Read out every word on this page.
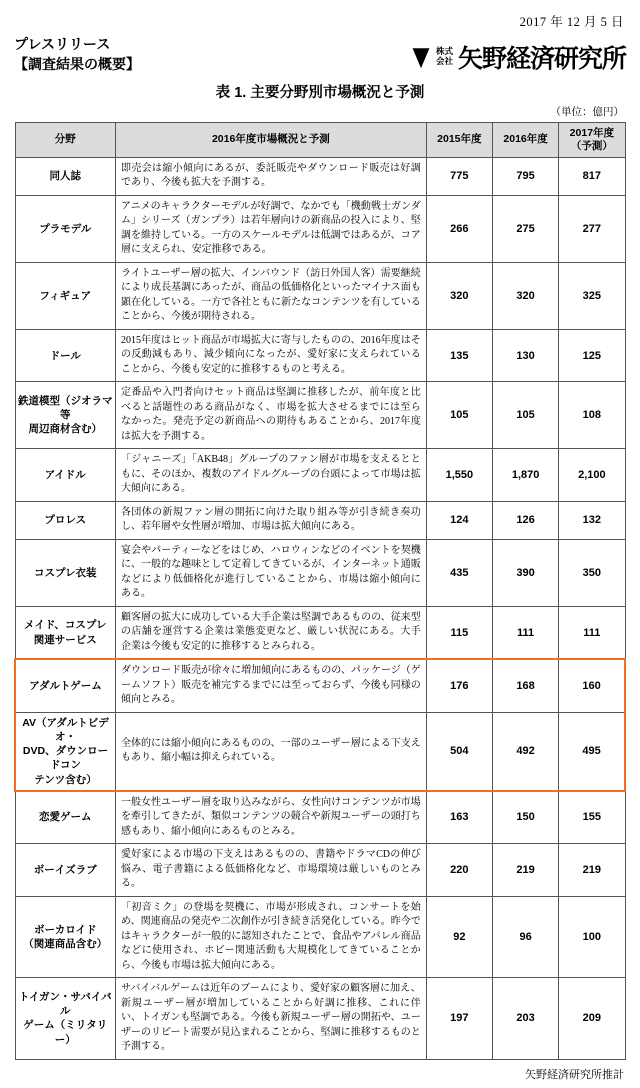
2017 年 12 月 5 日
プレスリリース
【調査結果の概要】	▼ 株式
会社 矢野経済研究所
表 1. 主要分野別市場概況と予測
（単位：億円）
分野	2016年度市場概況と予測	2015年度	2016年度	2017年度
（予測）
同人誌	即売会は縮小傾向にあるが、委託販売やダウンロード販売は好調であり、今後も拡大を予測する。	775	795	817
プラモデル	アニメのキャラクターモデルが好調で、なかでも「機動戦士ガンダム」シリーズ（ガンプラ）は若年層向けの新商品の投入により、堅調を維持している。一方のスケールモデルは低調ではあるが、コア層に支えられ、安定推移である。	266	275	277
フィギュア	ライトユーザー層の拡大、インバウンド（訪日外国人客）需要継続により成長基調にあったが、商品の低価格化といったマイナス面も顕在化している。一方で各社ともに新たなコンテンツを有していることから、今後が期待される。	320	320	325
ドール	2015年度はヒット商品が市場拡大に寄与したものの、2016年度はその反動減もあり、減少傾向になったが、愛好家に支えられていることから、今後も安定的に推移するものと考える。	135	130	125
鉄道模型（ジオラマ等
周辺商材含む）	定番品や入門者向けセット商品は堅調に推移したが、前年度と比べると話題性のある商品がなく、市場を拡大させるまでには至らなかった。発売予定の新商品への期待もあることから、2017年度は拡大を予測する。	105	105	108
アイドル	「ジャニーズ」「AKB48」グループのファン層が市場を支えるとともに、そのほか、複数のアイドルグループの台頭によって市場は拡大傾向にある。	1,550	1,870	2,100
プロレス	各団体の新規ファン層の開拓に向けた取り組み等が引き続き奏功し、若年層や女性層が増加、市場は拡大傾向にある。	124	126	132
コスプレ衣装	宴会やパーティーなどをはじめ、ハロウィンなどのイベントを契機に、一般的な趣味として定着してきているが、インターネット通販などにより低価格化が進行していることから、市場は縮小傾向にある。	435	390	350
メイド、コスプレ
関連サービス	顧客層の拡大に成功している大手企業は堅調であるものの、従来型の店舗を運営する企業は業態変更など、厳しい状況にある。大手企業は今後も安定的に推移するとみられる。	115	111	111
アダルトゲーム	ダウンロード販売が徐々に増加傾向にあるものの、パッケージ（ゲームソフト）販売を補完するまでには至っておらず、今後も同様の傾向とみる。	176	168	160
AV（アダルトビデオ・
DVD、ダウンロードコン
テンツ含む）	全体的には縮小傾向にあるものの、一部のユーザー層による下支えもあり、縮小幅は抑えられている。	504	492	495
恋愛ゲーム	一般女性ユーザー層を取り込みながら、女性向けコンテンツが市場を牽引してきたが、類似コンテンツの競合や新規ユーザーの頭打ち感もあり、縮小傾向にあるものとみる。	163	150	155
ボーイズラブ	愛好家による市場の下支えはあるものの、書籍やドラマCDの伸び悩み、電子書籍による低価格化など、市場環境は厳しいものとみる。	220	219	219
ボーカロイド
（関連商品含む）	「初音ミク」の登場を契機に、市場が形成され、コンサートを始め、関連商品の発売や二次創作が引き続き活発化している。昨今ではキャラクターが一般的に認知されたことで、食品やアパレル商品などに使用され、ホビー関連活動も大規模化してきていることから、今後も市場は拡大傾向にある。	92	96	100
トイガン・サバイバル
ゲーム（ミリタリー）	サバイバルゲームは近年のブームにより、愛好家の顧客層に加え、新規ユーザー層が増加していることから好調に推移、これに伴い、トイガンも堅調である。今後も新規ユーザー層の開拓や、ユーザーのリピート需要が見込まれることから、堅調に推移するものと予測する。	197	203	209
矢野経済研究所推計
